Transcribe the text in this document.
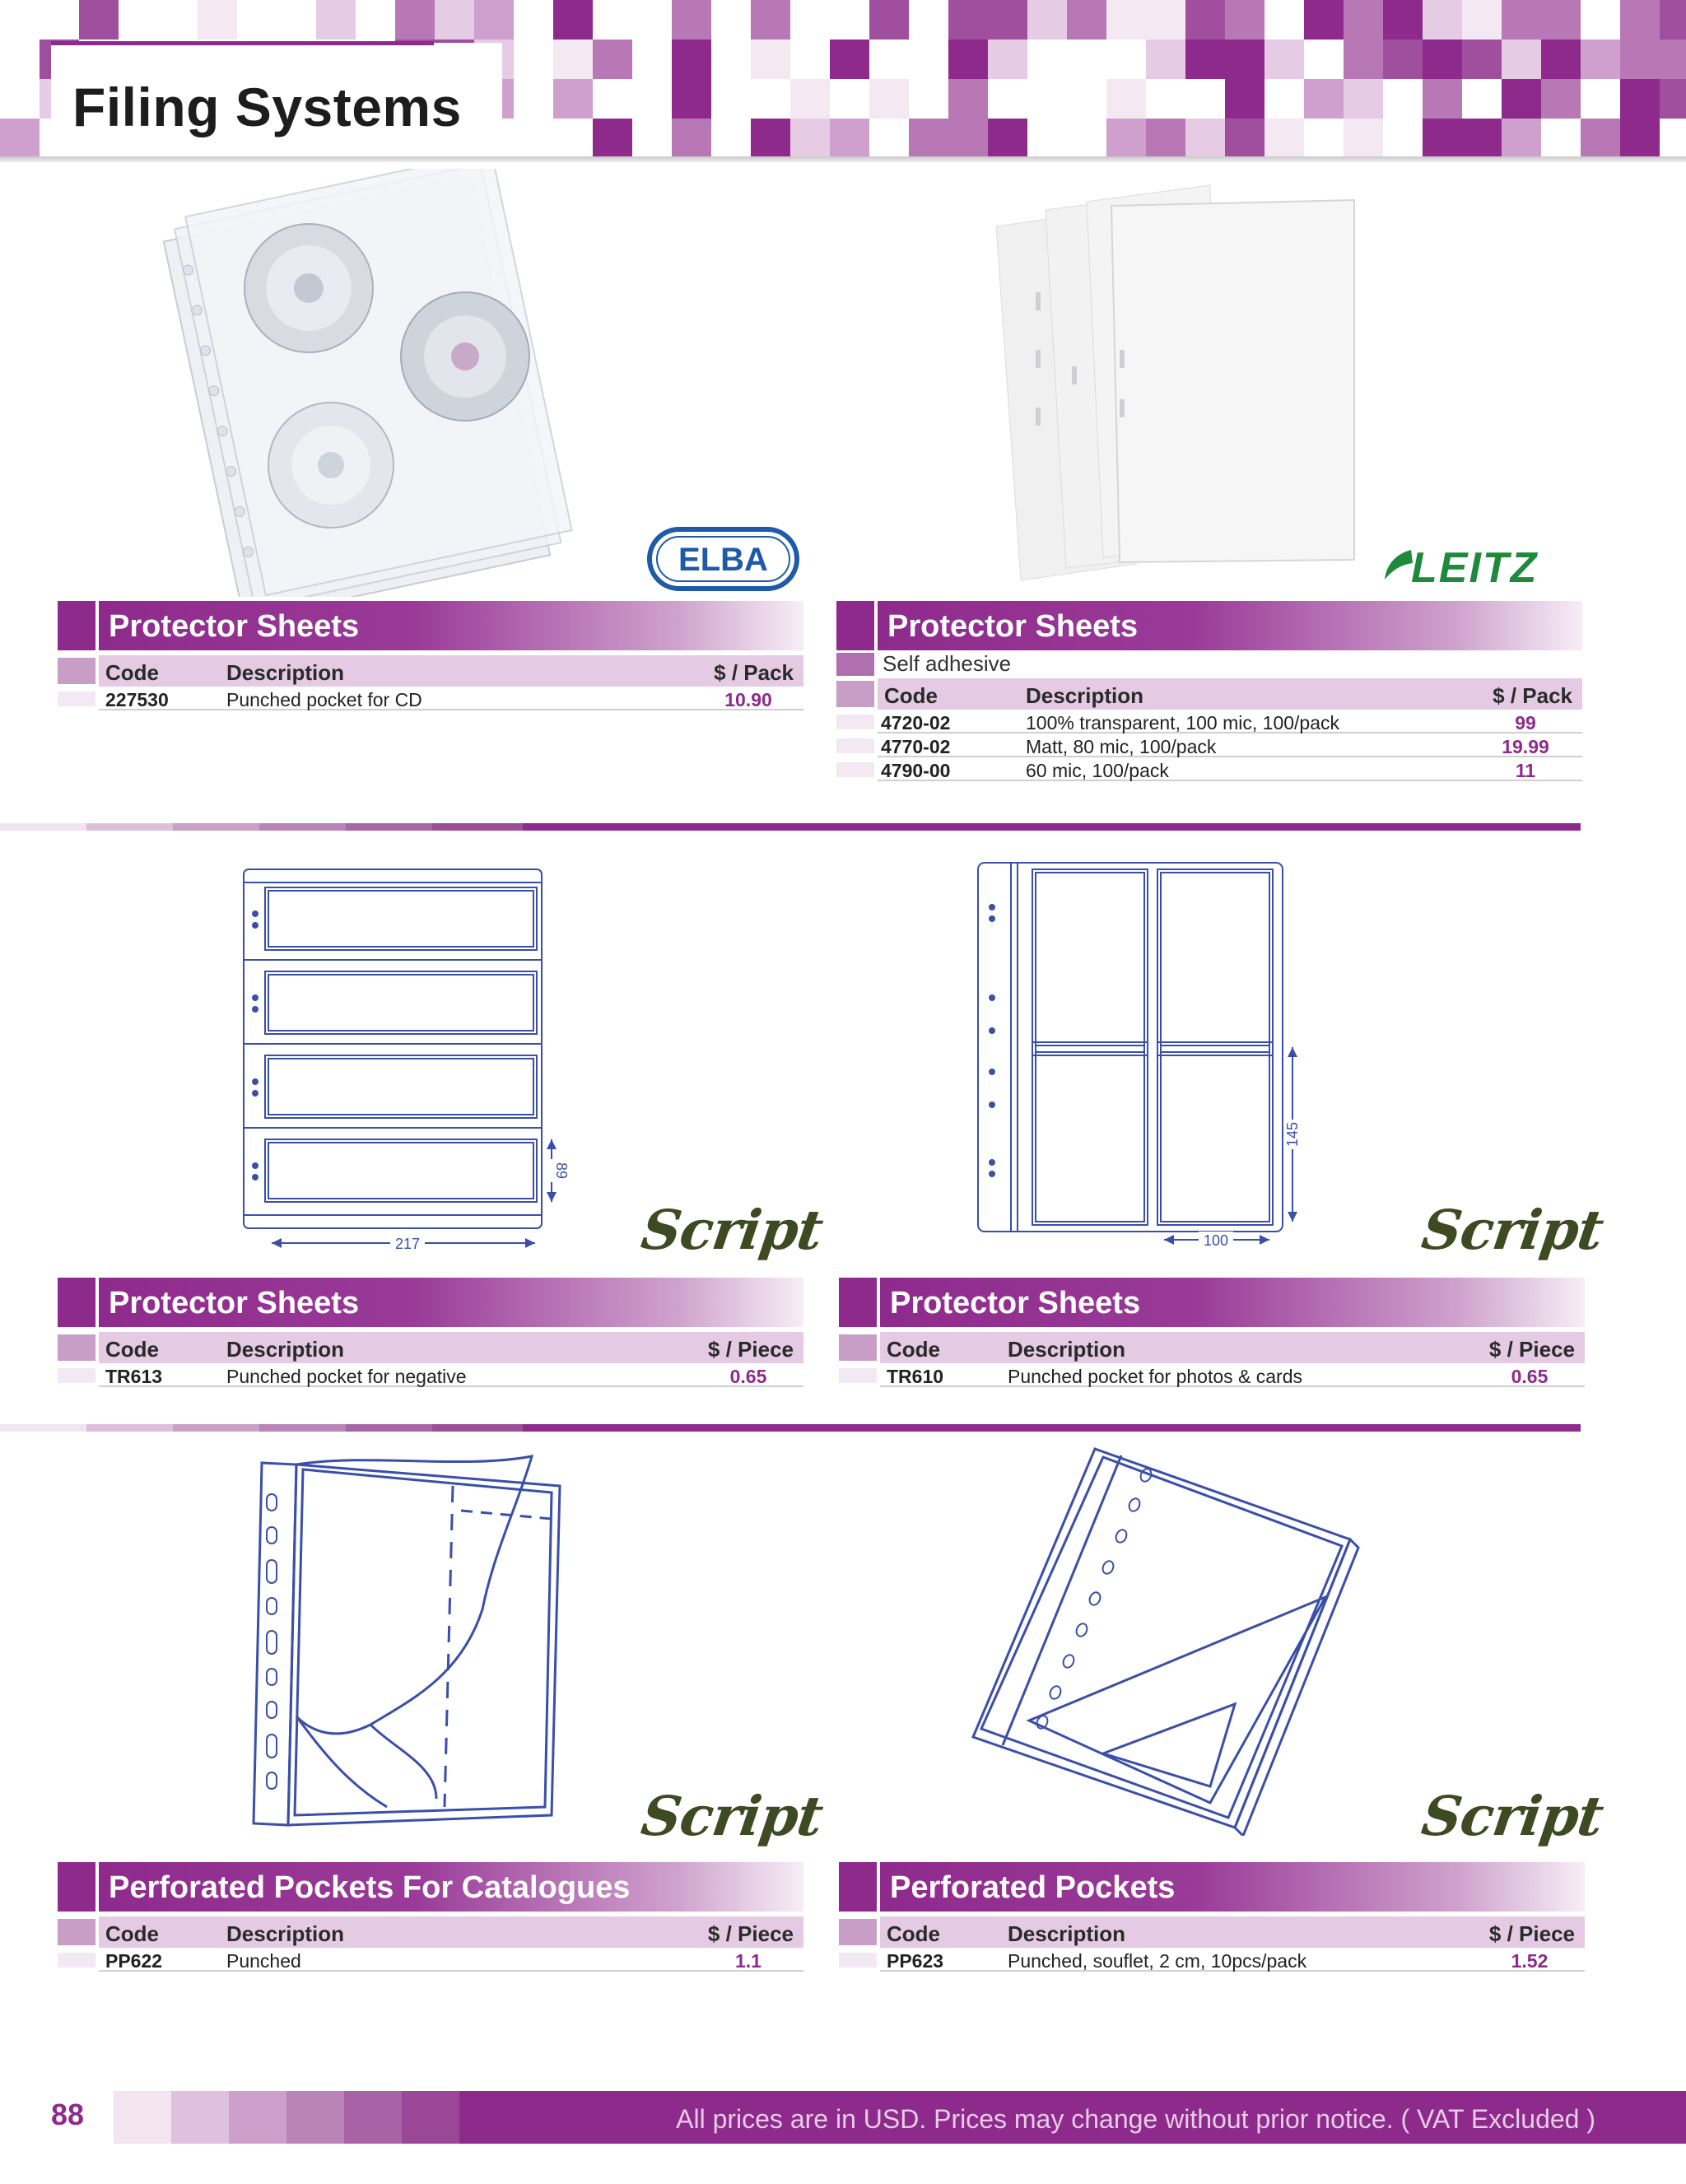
Filing Systems
ELBA	LEITZ
Protector Sheets
Code	Description	$ / Pack
227530	Punched pocket for CD	10.90
Protector Sheets
Self adhesive
Code	Description	$ / Pack
4720-02	100% transparent, 100 mic, 100/pack	99
4770-02	Matt, 80 mic, 100/pack	19.99
4790-00	60 mic, 100/pack	11
217
89
Script	100
145
Script
Protector Sheets
Code	Description	$ / Piece
TR613	Punched pocket for negative	0.65
Protector Sheets
Code	Description	$ / Piece
TR610	Punched pocket for photos & cards	0.65
Script	Script
Perforated Pockets For Catalogues
Code	Description	$ / Piece
PP622	Punched	1.1
Perforated Pockets
Code	Description	$ / Piece
PP623	Punched, souflet, 2 cm, 10pcs/pack	1.52
88	All prices are in USD. Prices may change without prior notice. ( VAT Excluded )
